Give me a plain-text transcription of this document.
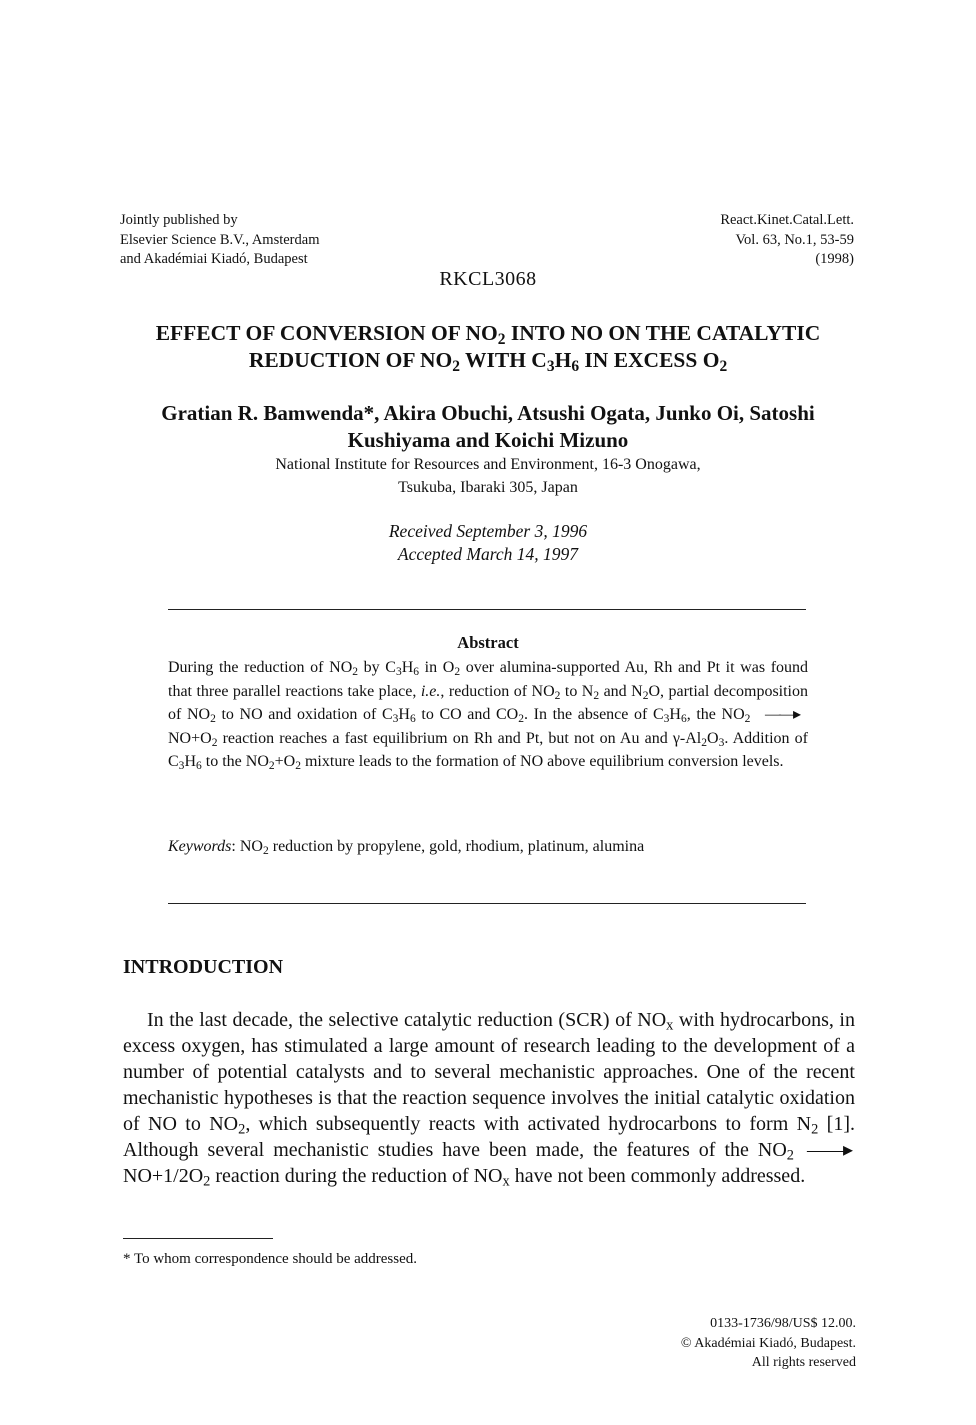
Jointly published by
Elsevier Science B.V., Amsterdam
and Akadémiai Kiadó, Budapest
React.Kinet.Catal.Lett.
Vol. 63, No.1, 53-59
(1998)
RKCL3068
EFFECT OF CONVERSION OF $NO_2$ INTO NO ON THE CATALYTIC
REDUCTION OF $NO_2$ WITH $C_3H_6$ IN EXCESS $O_2$
Gratian R. Bamwenda*, Akira Obuchi, Atsushi Ogata, Junko Oi, Satoshi
Kushiyama and Koichi Mizuno
National Institute for Resources and Environment, 16-3 Onogawa,
Tsukuba, Ibaraki 305, Japan
Received September 3, 1996
Accepted March 14, 1997
Abstract
During the reduction of $NO_2$ by $C_3H_6$ in $O_2$ over alumina-supported Au, Rh and Pt it was found that three parallel reactions take place, i.e., reduction of $NO_2$ to $N_2$ and $N_2O$, partial decomposition of $NO_2$ to NO and oxidation of $C_3H_6$ to CO and $CO_2$. In the absence of $C_3H_6$, the $NO_2$ ——▸ $NO+O_2$ reaction reaches a fast equilibrium on Rh and Pt, but not on Au and $\gamma-Al_2O_3$. Addition of $C_3H_6$ to the $NO_2+O_2$ mixture leads to the formation of NO above equilibrium conversion levels.
Keywords: $NO_2$ reduction by propylene, gold, rhodium, platinum, alumina
INTRODUCTION
In the last decade, the selective catalytic reduction (SCR) of $NO_x$ with hydrocarbons, in excess oxygen, has stimulated a large amount of research leading to the development of a number of potential catalysts and to several mechanistic approaches. One of the recent mechanistic hypotheses is that the reaction sequence involves the initial catalytic oxidation of NO to $NO_2$, which subsequently reacts with activated hydrocarbons to form $N_2$ [1]. Although several mechanistic studies have been made, the features of the $NO_2$ ——▸ $NO+1/2O_2$ reaction during the reduction of $NO_x$ have not been commonly addressed.
* To whom correspondence should be addressed.
0133-1736/98/US$ 12.00.
© Akadémiai Kiadó, Budapest.
All rights reserved
